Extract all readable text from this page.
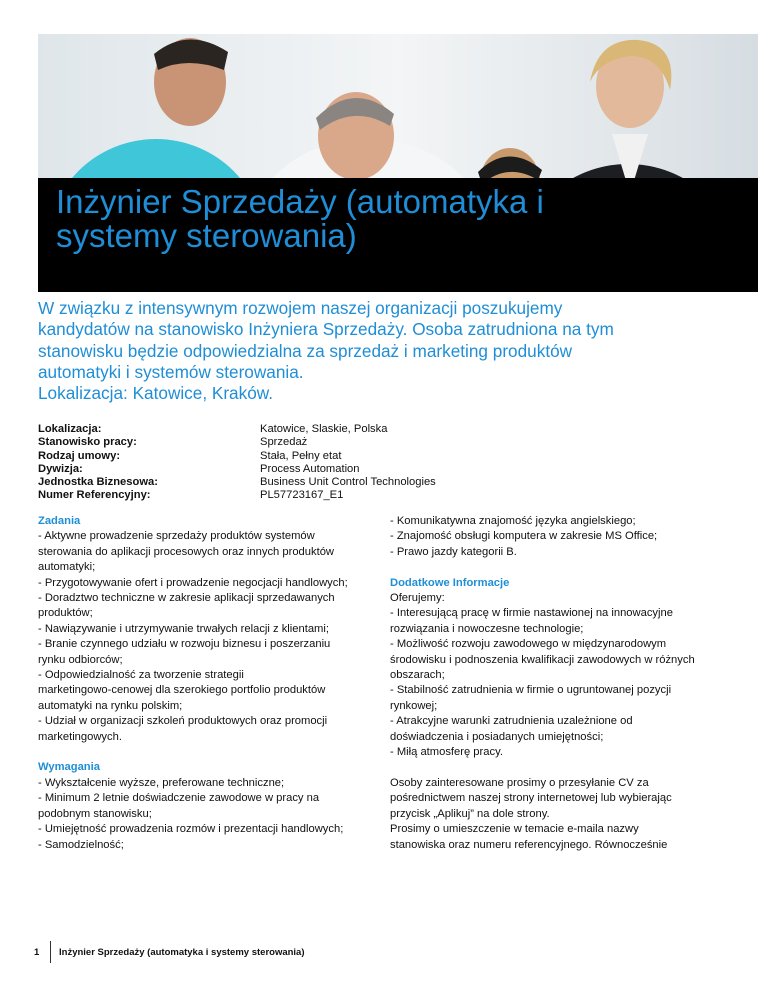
Inżynier Sprzedaży (automatyka i
systemy sterowania)
W związku z intensywnym rozwojem naszej organizacji poszukujemy
kandydatów na stanowisko Inżyniera Sprzedaży. Osoba zatrudniona na tym
stanowisku będzie odpowiedzialna za sprzedaż i marketing produktów
automatyki i systemów sterowania.
Lokalizacja: Katowice, Kraków.
Lokalizacja:	Katowice, Slaskie, Polska
Stanowisko pracy:	Sprzedaż
Rodzaj umowy:	Stała, Pełny etat
Dywizja:	Process Automation
Jednostka Biznesowa:	Business Unit Control Technologies
Numer Referencyjny:	PL57723167_E1
Zadania
- Aktywne prowadzenie sprzedaży produktów systemów
sterowania do aplikacji procesowych oraz innych produktów
automatyki;
- Przygotowywanie ofert i prowadzenie negocjacji handlowych;
- Doradztwo techniczne w zakresie aplikacji sprzedawanych
produktów;
- Nawiązywanie i utrzymywanie trwałych relacji z klientami;
- Branie czynnego udziału w rozwoju biznesu i poszerzaniu
rynku odbiorców;
- Odpowiedzialność za tworzenie strategii
marketingowo-cenowej dla szerokiego portfolio produktów
automatyki na rynku polskim;
- Udział w organizacji szkoleń produktowych oraz promocji
marketingowych.
Wymagania
- Wykształcenie wyższe, preferowane techniczne;
- Minimum 2 letnie doświadczenie zawodowe w pracy na
podobnym stanowisku;
- Umiejętność prowadzenia rozmów i prezentacji handlowych;
- Samodzielność;
- Komunikatywna znajomość języka angielskiego;
- Znajomość obsługi komputera w zakresie MS Office;
- Prawo jazdy kategorii B.
Dodatkowe Informacje
Oferujemy:
- Interesującą pracę w firmie nastawionej na innowacyjne
rozwiązania i nowoczesne technologie;
- Możliwość rozwoju zawodowego w międzynarodowym
środowisku i podnoszenia kwalifikacji zawodowych w różnych
obszarach;
- Stabilność zatrudnienia w firmie o ugruntowanej pozycji
rynkowej;
- Atrakcyjne warunki zatrudnienia uzależnione od
doświadczenia i posiadanych umiejętności;
- Miłą atmosferę pracy.
Osoby zainteresowane prosimy o przesyłanie CV za
pośrednictwem naszej strony internetowej lub wybierając
przycisk „Aplikuj” na dole strony.
Prosimy o umieszczenie w temacie e-maila nazwy
stanowiska oraz numeru referencyjnego. Równocześnie
1	Inżynier Sprzedaży (automatyka i systemy sterowania)
